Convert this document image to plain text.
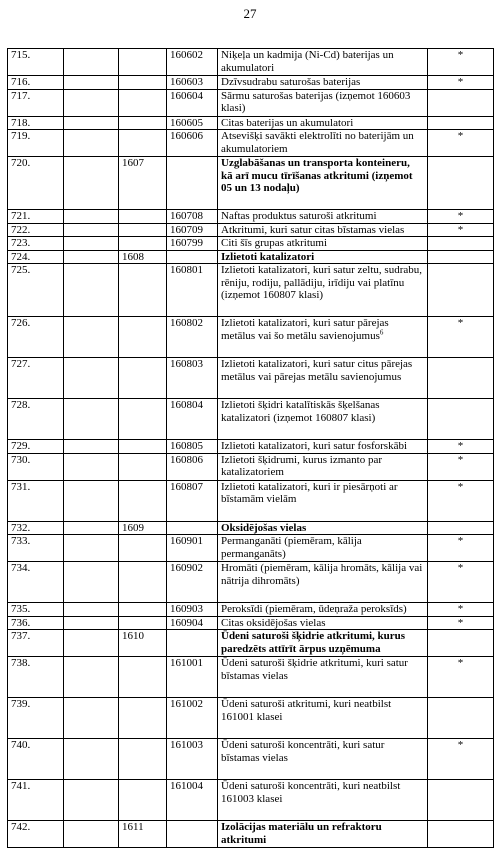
27
715.			160602	Niķeļa un kadmija (Ni-Cd) baterijas un akumulatori	*
716.			160603	Dzīvsudrabu saturošas baterijas	*
717.			160604	Sārmu saturošas baterijas (izņemot 160603 klasi)	
718.			160605	Citas baterijas un akumulatori	
719.			160606	Atsevišķi savākti elektrolīti no baterijām un akumulatoriem	*
720.		1607		Uzglabāšanas un transporta konteineru, kā arī mucu tīrīšanas atkritumi (izņemot 05 un 13 nodaļu)	
721.			160708	Naftas produktus saturoši atkritumi	*
722.			160709	Atkritumi, kuri satur citas bīstamas vielas	*
723.			160799	Citi šīs grupas atkritumi	
724.		1608		Izlietoti katalizatori	
725.			160801	Izlietoti katalizatori, kuri satur zeltu, sudrabu, rēniju, rodiju, pallādiju, irīdiju vai platīnu (izņemot 160807 klasi)	
726.			160802	Izlietoti katalizatori, kuri satur pārejas metālus vai šo metālu savienojumus$^6$	*
727.			160803	Izlietoti katalizatori, kuri satur citus pārejas metālus vai pārejas metālu savienojumus	
728.			160804	Izlietoti šķidri katalītiskās šķelšanas katalizatori (izņemot 160807 klasi)	
729.			160805	Izlietoti katalizatori, kuri satur fosforskābi	*
730.			160806	Izlietoti šķidrumi, kurus izmanto par katalizatoriem	*
731.			160807	Izlietoti katalizatori, kuri ir piesārņoti ar bīstamām vielām	*
732.		1609		Oksidējošas vielas	
733.			160901	Permanganāti (piemēram, kālija permanganāts)	*
734.			160902	Hromāti (piemēram, kālija hromāts, kālija vai nātrija dihromāts)	*
735.			160903	Peroksīdi (piemēram, ūdeņraža peroksīds)	*
736.			160904	Citas oksidējošas vielas	*
737.		1610		Ūdeni saturoši šķidrie atkritumi, kurus paredzēts attīrīt ārpus uzņēmuma	
738.			161001	Ūdeni saturoši šķidrie atkritumi, kuri satur bīstamas vielas	*
739.			161002	Ūdeni saturoši atkritumi, kuri neatbilst 161001 klasei	
740.			161003	Ūdeni saturoši koncentrāti, kuri satur bīstamas vielas	*
741.			161004	Ūdeni saturoši koncentrāti, kuri neatbilst 161003 klasei	
742.		1611		Izolācijas materiālu un refraktoru atkritumi	
